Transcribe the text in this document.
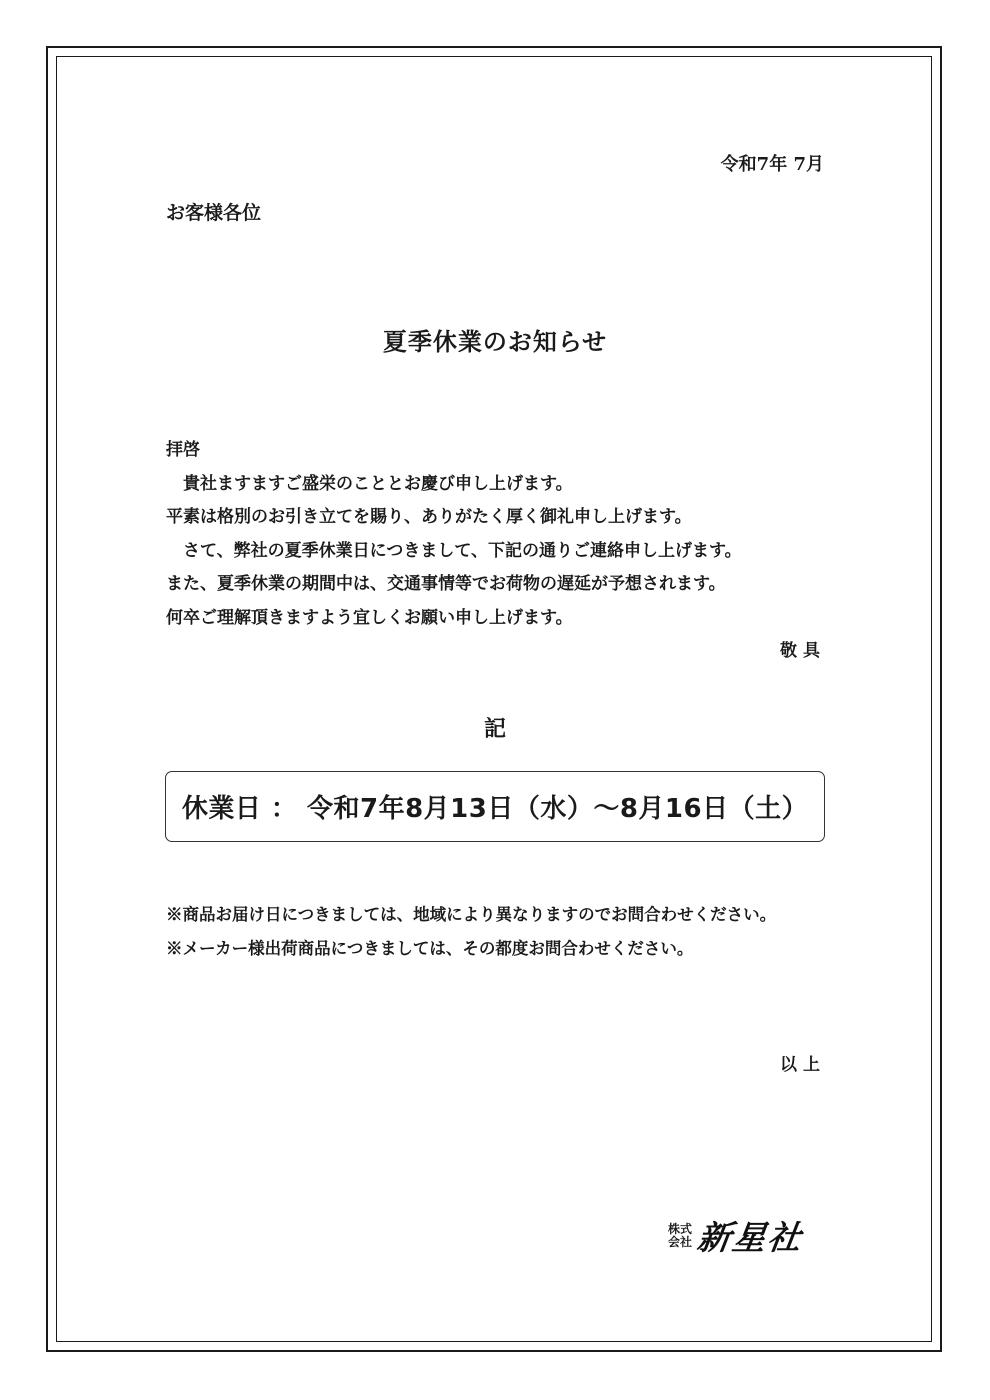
令和7年 7月
お客様各位
夏季休業のお知らせ
拝啓
　貴社ますますご盛栄のこととお慶び申し上げます。
平素は格別のお引き立てを賜り、ありがたく厚く御礼申し上げます。
　さて、弊社の夏季休業日につきまして、下記の通りご連絡申し上げます。
また、夏季休業の期間中は、交通事情等でお荷物の遅延が予想されます。
何卒ご理解頂きますよう宜しくお願い申し上げます。
敬具
記
休業日 ： 令和7年8月13日（水）～8月16日（土）
※商品お届け日につきましては、地域により異なりますのでお問合わせください。
※メーカー様出荷商品につきましては、その都度お問合わせください。
以上
株式
会社 新星社
